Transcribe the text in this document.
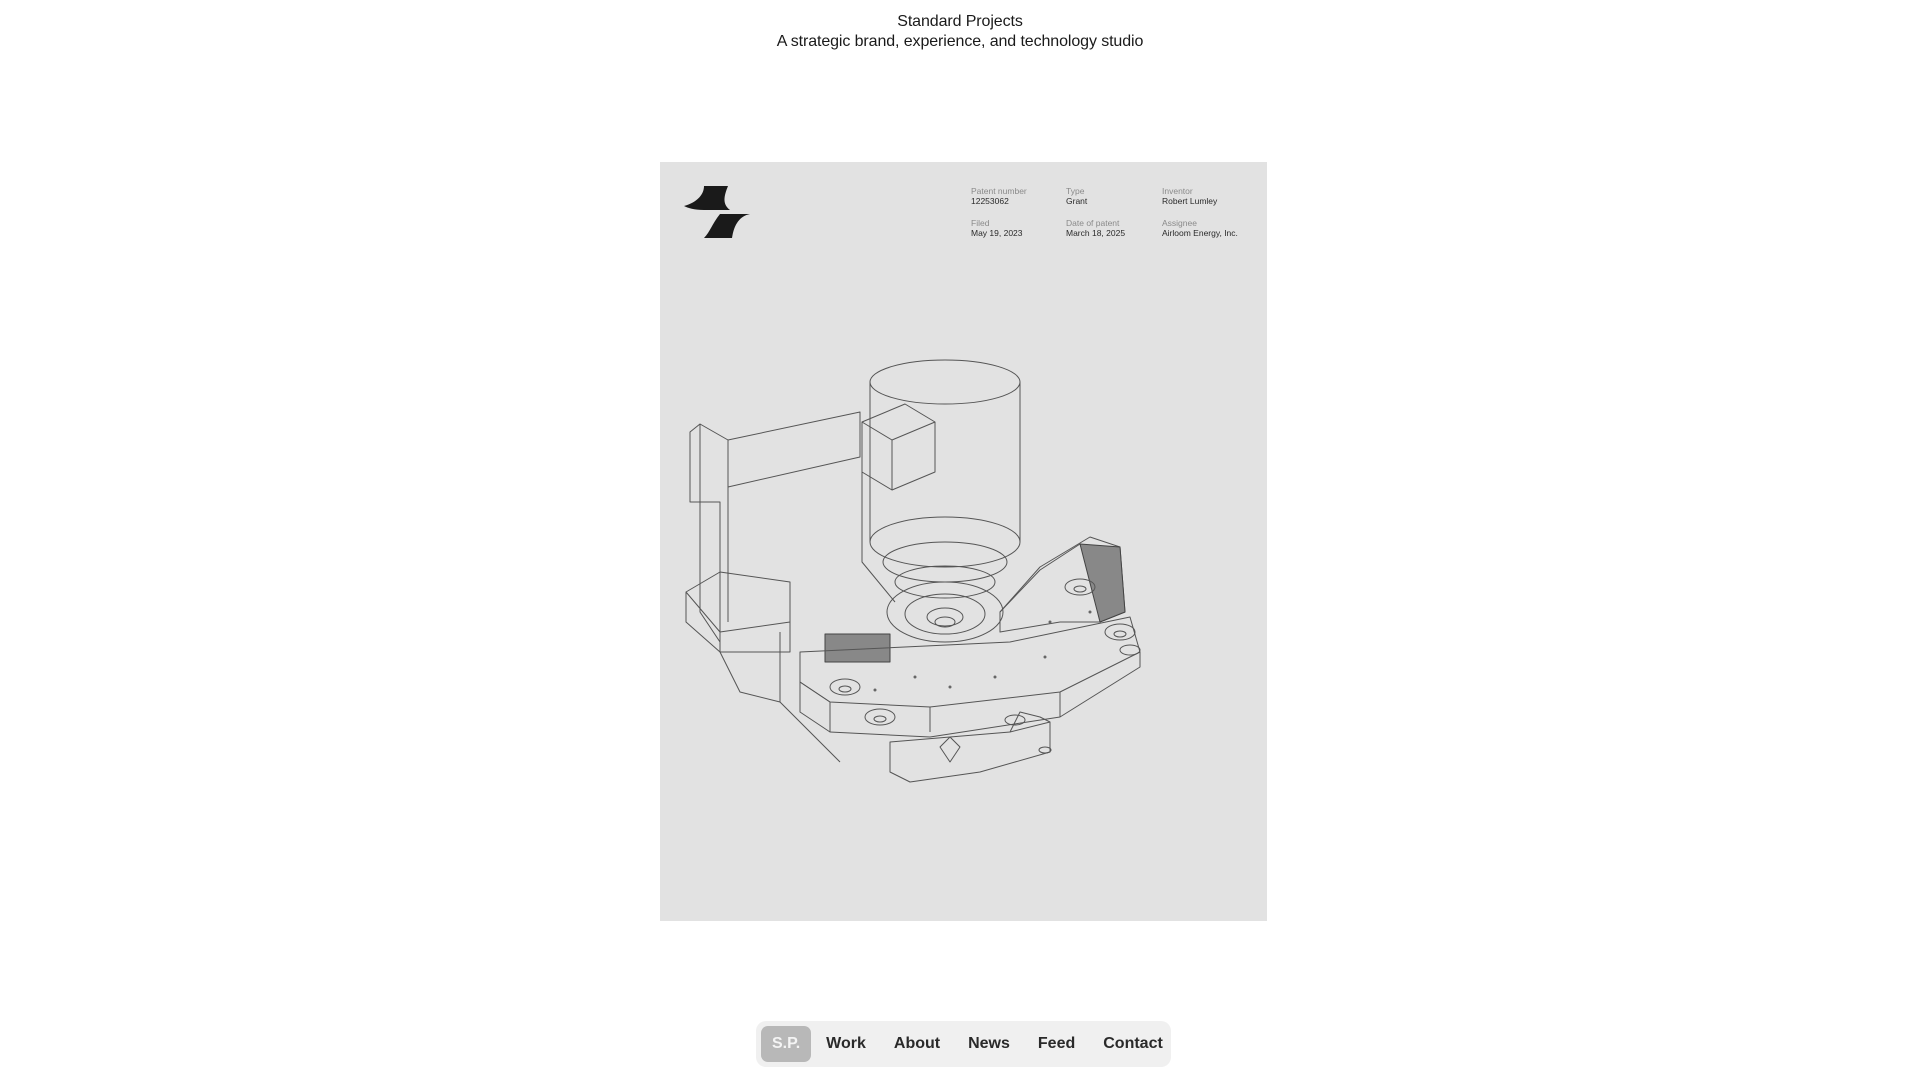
Standard Projects
A strategic brand, experience, and technology studio
Patent number
12253062
Type
Grant
Inventor
Robert Lumley
Filed
May 19, 2023
Date of patent
March 18, 2025
Assignee
Airloom Energy, Inc.
S.P.	Work	About	News	Feed	Contact
